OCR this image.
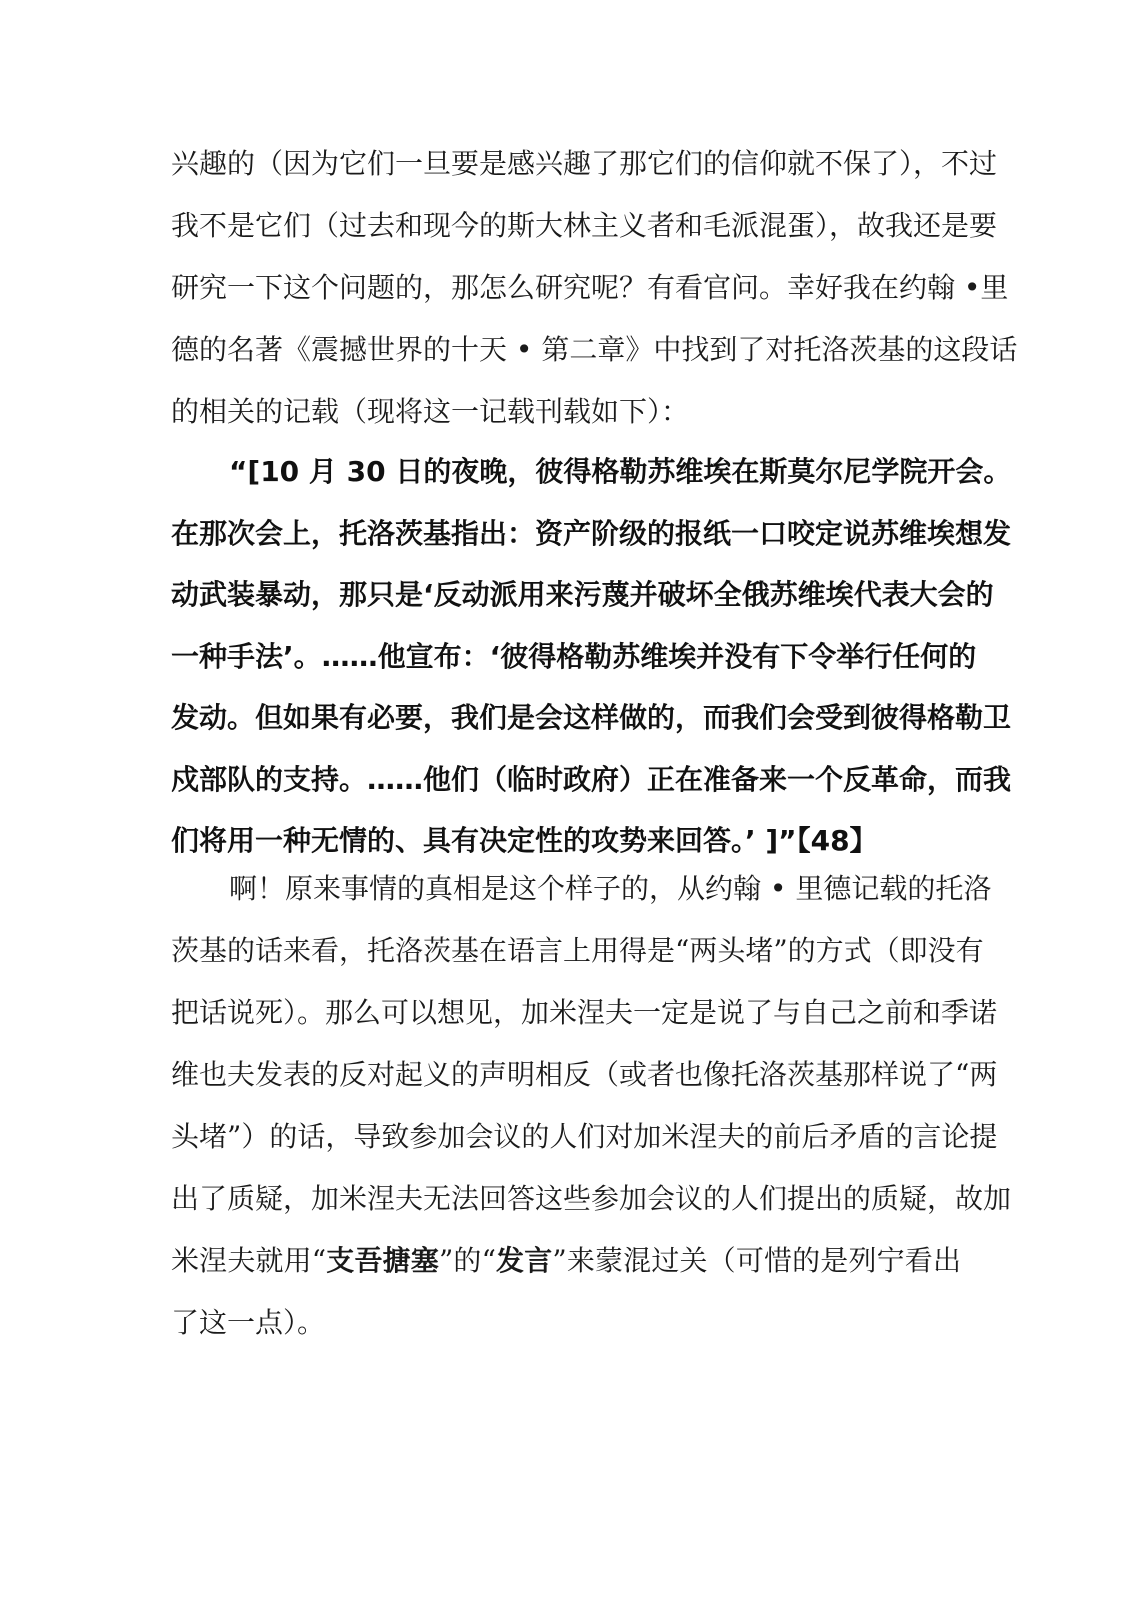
兴趣的（因为它们一旦要是感兴趣了那它们的信仰就不保了），不过
我不是它们（过去和现今的斯大林主义者和毛派混蛋），故我还是要
研究一下这个问题的，那怎么研究呢？有看官问。幸好我在约翰 •里
德的名著《震撼世界的十天 • 第二章》中找到了对托洛茨基的这段话
的相关的记载（现将这一记载刊载如下）：
“[10 月 30 日的夜晚，彼得格勒苏维埃在斯莫尔尼学院开会。
在那次会上，托洛茨基指出：资产阶级的报纸一口咬定说苏维埃想发
动武装暴动，那只是‘反动派用来污蔑并破坏全俄苏维埃代表大会的
一种手法’。……他宣布：‘彼得格勒苏维埃并没有下令举行任何的
发动。但如果有必要，我们是会这样做的，而我们会受到彼得格勒卫
戍部队的支持。……他们（临时政府）正在准备来一个反革命，而我
们将用一种无情的、具有决定性的攻势来回答。’ ]”【48】
啊！原来事情的真相是这个样子的，从约翰 • 里德记载的托洛
茨基的话来看，托洛茨基在语言上用得是“两头堵”的方式（即没有
把话说死）。那么可以想见，加米涅夫一定是说了与自己之前和季诺
维也夫发表的反对起义的声明相反（或者也像托洛茨基那样说了“两
头堵”）的话，导致参加会议的人们对加米涅夫的前后矛盾的言论提
出了质疑，加米涅夫无法回答这些参加会议的人们提出的质疑，故加
米涅夫就用“支吾搪塞”的“发言”来蒙混过关（可惜的是列宁看出
了这一点）。
